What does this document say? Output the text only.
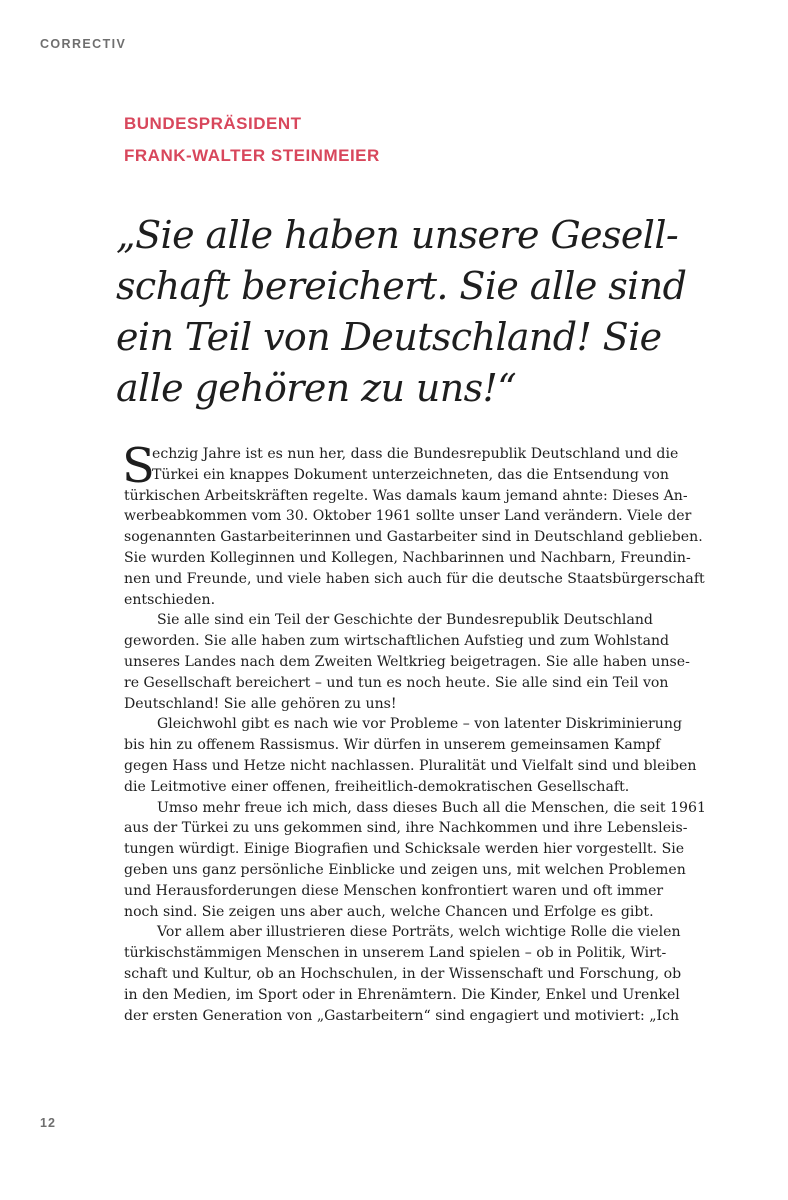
CORRECTIV
BUNDESPRÄSIDENT
FRANK-WALTER STEINMEIER
„Sie alle haben unsere Gesell-
schaft bereichert. Sie alle sind
ein Teil von Deutschland! Sie
alle gehören zu uns!“
S
echzig Jahre ist es nun her, dass die Bundesrepublik Deutschland und die
Türkei ein knappes Dokument unterzeichneten, das die Entsendung von
türkischen Arbeitskräften regelte. Was damals kaum jemand ahnte: Dieses An-
werbeabkommen vom 30. Oktober 1961 sollte unser Land verändern. Viele der
sogenannten Gastarbeiterinnen und Gastarbeiter sind in Deutschland geblieben.
Sie wurden Kolleginnen und Kollegen, Nachbarinnen und Nachbarn, Freundin-
nen und Freunde, und viele haben sich auch für die deutsche Staatsbürgerschaft
entschieden.
Sie alle sind ein Teil der Geschichte der Bundesrepublik Deutschland
geworden. Sie alle haben zum wirtschaftlichen Aufstieg und zum Wohlstand
unseres Landes nach dem Zweiten Weltkrieg beigetragen. Sie alle haben unse-
re Gesellschaft bereichert – und tun es noch heute. Sie alle sind ein Teil von
Deutschland! Sie alle gehören zu uns!
Gleichwohl gibt es nach wie vor Probleme – von latenter Diskriminierung
bis hin zu offenem Rassismus. Wir dürfen in unserem gemeinsamen Kampf
gegen Hass und Hetze nicht nachlassen. Pluralität und Vielfalt sind und bleiben
die Leitmotive einer offenen, freiheitlich-demokratischen Gesellschaft.
Umso mehr freue ich mich, dass dieses Buch all die Menschen, die seit 1961
aus der Türkei zu uns gekommen sind, ihre Nachkommen und ihre Lebensleis-
tungen würdigt. Einige Biografien und Schicksale werden hier vorgestellt. Sie
geben uns ganz persönliche Einblicke und zeigen uns, mit welchen Problemen
und Herausforderungen diese Menschen konfrontiert waren und oft immer
noch sind. Sie zeigen uns aber auch, welche Chancen und Erfolge es gibt.
Vor allem aber illustrieren diese Porträts, welch wichtige Rolle die vielen
türkischstämmigen Menschen in unserem Land spielen – ob in Politik, Wirt-
schaft und Kultur, ob an Hochschulen, in der Wissenschaft und Forschung, ob
in den Medien, im Sport oder in Ehrenämtern. Die Kinder, Enkel und Urenkel
der ersten Generation von „Gastarbeitern“ sind engagiert und motiviert: „Ich
12
